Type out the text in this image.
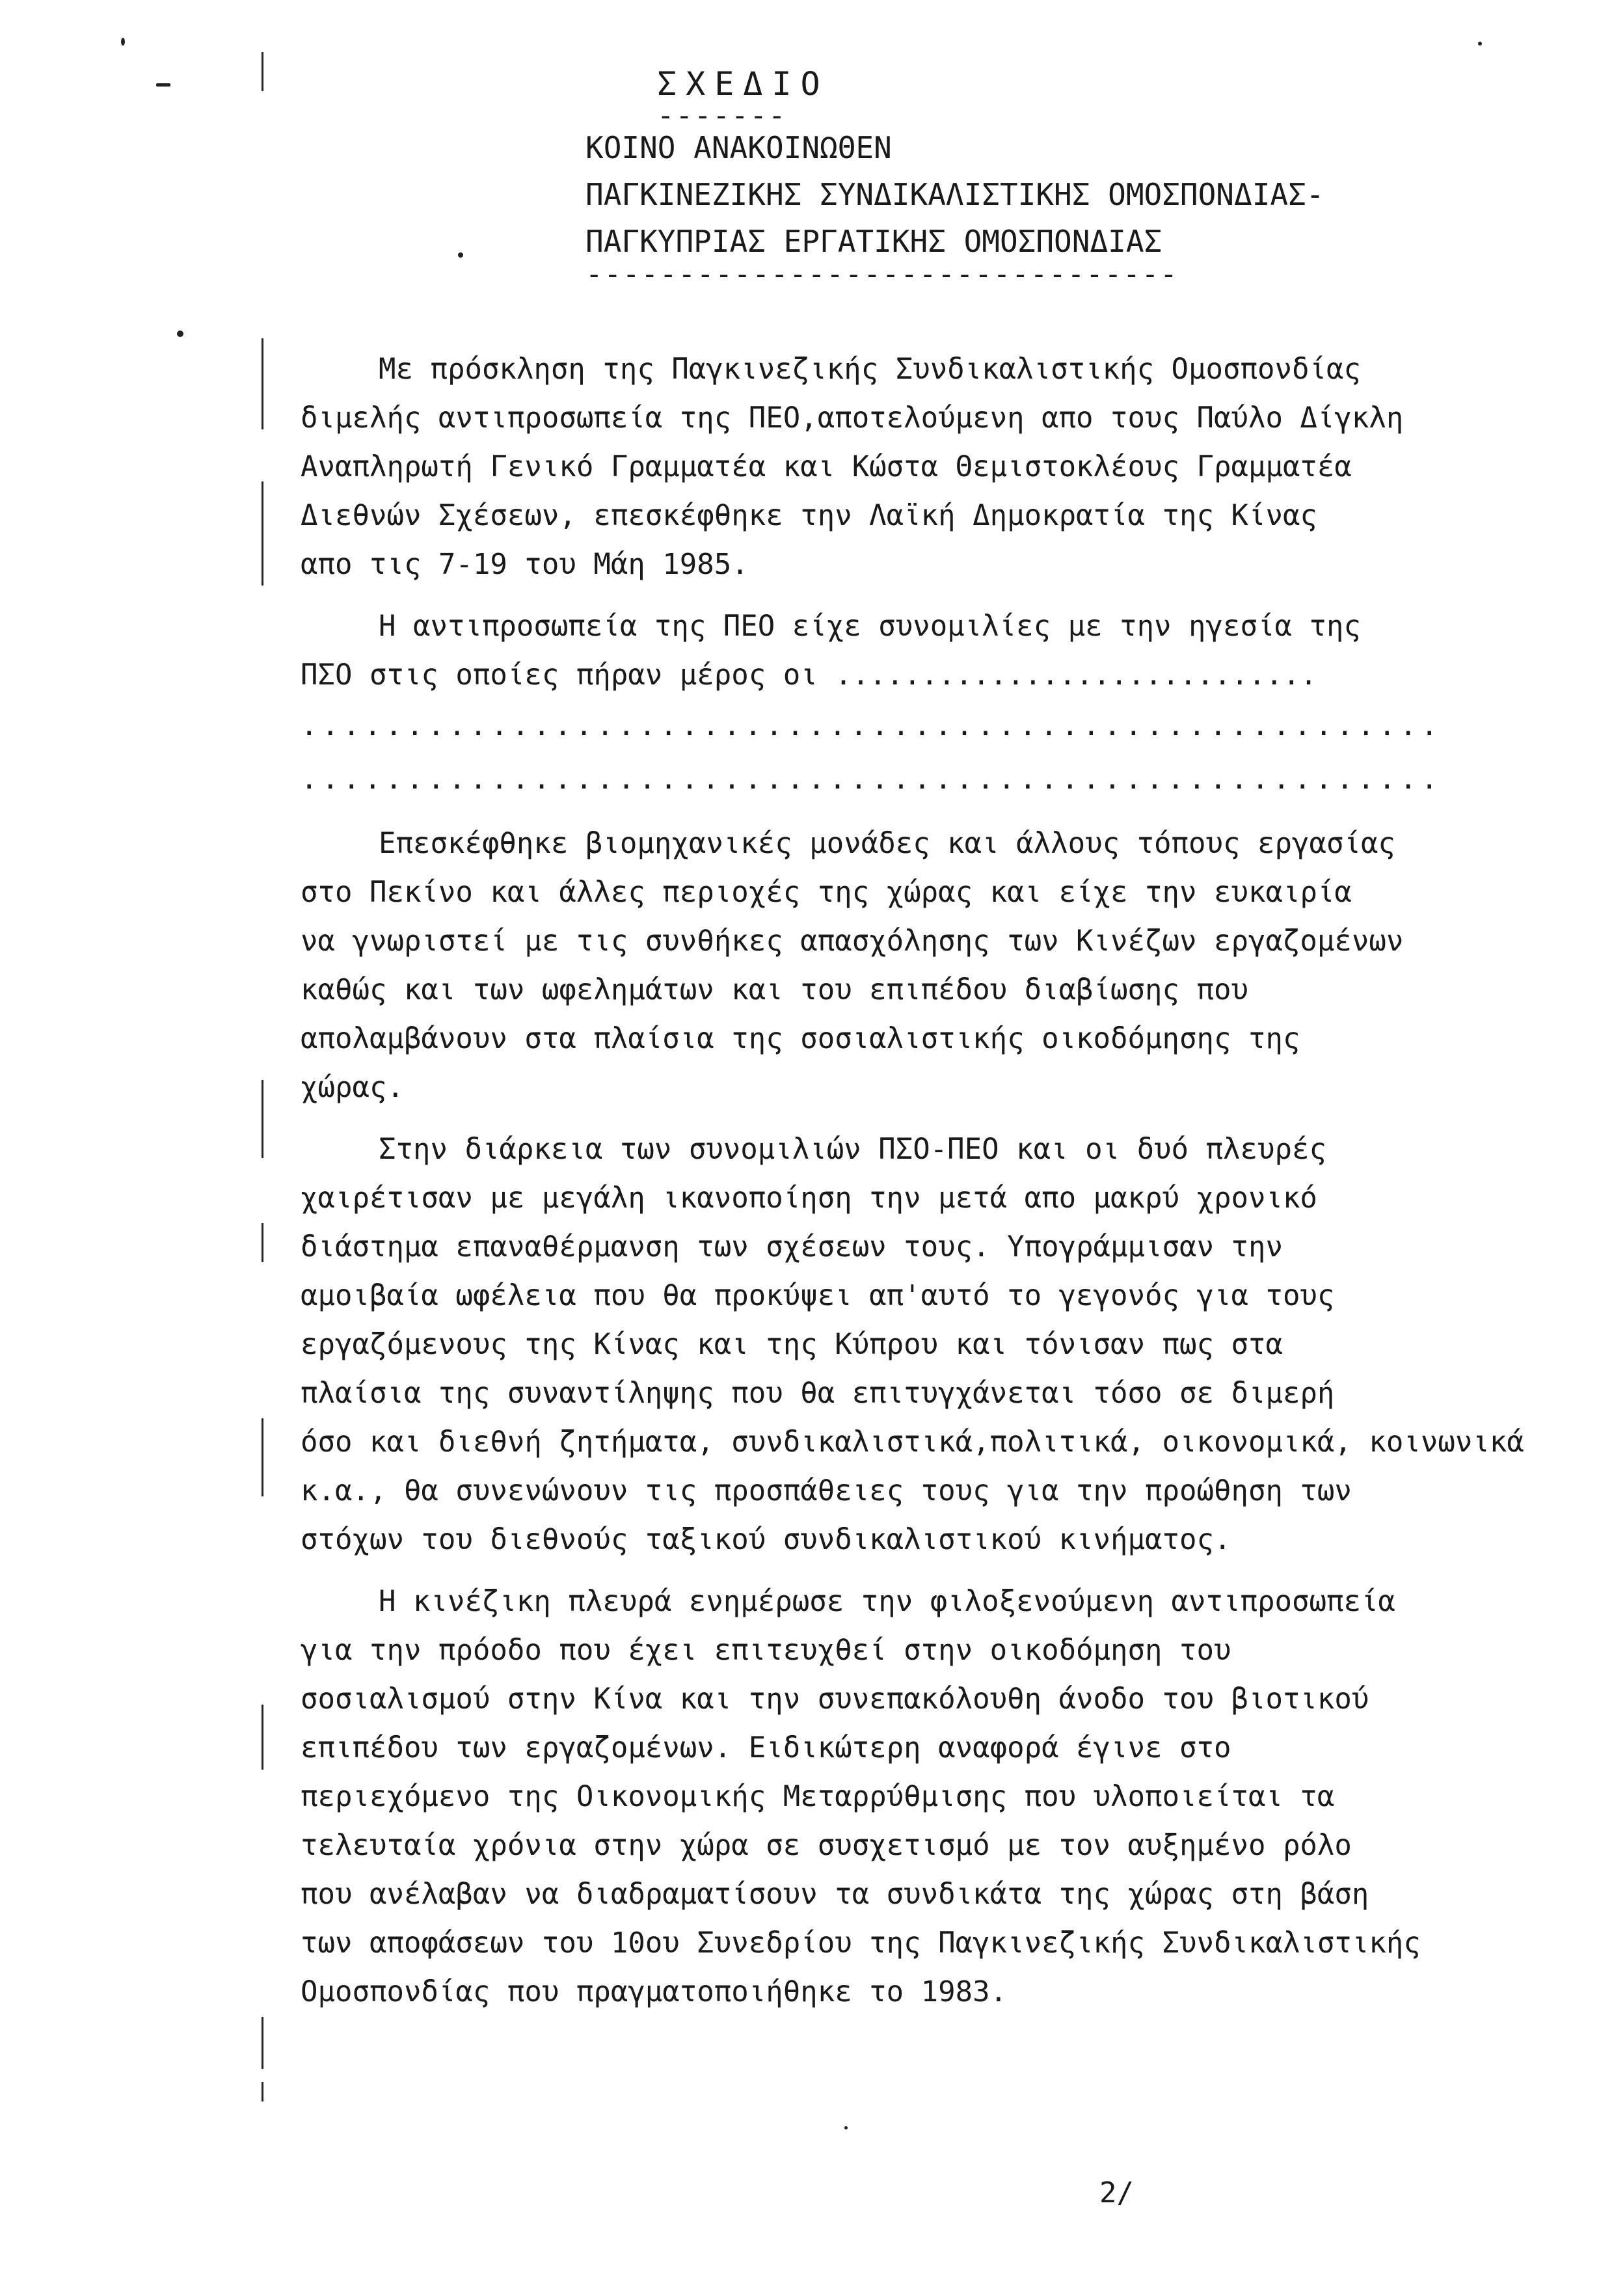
ΣΧΕΔΙΟ
-------
ΚΟΙΝΟ ΑΝΑΚΟΙΝΩΘΕΝ
ΠΑΓΚΙΝΕΖΙΚΗΣ ΣΥΝΔΙΚΑΛΙΣΤΙΚΗΣ ΟΜΟΣΠΟΝΔΙΑΣ-
ΠΑΓΚΥΠΡΙΑΣ ΕΡΓΑΤΙΚΗΣ ΟΜΟΣΠΟΝΔΙΑΣ
--------------------------------
Με πρόσκληση της Παγκινεζικής Συνδικαλιστικής Ομοσπονδίας
διμελής αντιπροσωπεία της ΠΕΟ,αποτελούμενη απο τους Παύλο Δίγκλη
Αναπληρωτή Γενικό Γραμματέα και Κώστα Θεμιστοκλέους Γραμματέα
Διεθνών Σχέσεων, επεσκέφθηκε την Λαϊκή Δημοκρατία της Κίνας
απο τις 7-19 του Μάη 1985.
Η αντιπροσωπεία της ΠΕΟ είχε συνομιλίες με την ηγεσία της
ΠΣΟ στις οποίες πήραν μέρος οι ............................
......................................................
......................................................
Επεσκέφθηκε βιομηχανικές μονάδες και άλλους τόπους εργασίας
στο Πεκίνο και άλλες περιοχές της χώρας και είχε την ευκαιρία
να γνωριστεί με τις συνθήκες απασχόλησης των Κινέζων εργαζομένων
καθώς και των ωφελημάτων και του επιπέδου διαβίωσης που
απολαμβάνουν στα πλαίσια της σοσιαλιστικής οικοδόμησης της
χώρας.
Στην διάρκεια των συνομιλιών ΠΣΟ-ΠΕΟ και οι δυό πλευρές
χαιρέτισαν με μεγάλη ικανοποίηση την μετά απο μακρύ χρονικό
διάστημα επαναθέρμανση των σχέσεων τους. Υπογράμμισαν την
αμοιβαία ωφέλεια που θα προκύψει απ'αυτό το γεγονός για τους
εργαζόμενους της Κίνας και της Κύπρου και τόνισαν πως στα
πλαίσια της συναντίληψης που θα επιτυγχάνεται τόσο σε διμερή
όσο και διεθνή ζητήματα, συνδικαλιστικά,πολιτικά, οικονομικά, κοινωνικά
κ.α., θα συνενώνουν τις προσπάθειες τους για την προώθηση των
στόχων του διεθνούς ταξικού συνδικαλιστικού κινήματος.
Η κινέζικη πλευρά ενημέρωσε την φιλοξενούμενη αντιπροσωπεία
για την πρόοδο που έχει επιτευχθεί στην οικοδόμηση του
σοσιαλισμού στην Κίνα και την συνεπακόλουθη άνοδο του βιοτικού
επιπέδου των εργαζομένων. Ειδικώτερη αναφορά έγινε στο
περιεχόμενο της Οικονομικής Μεταρρύθμισης που υλοποιείται τα
τελευταία χρόνια στην χώρα σε συσχετισμό με τον αυξημένο ρόλο
που ανέλαβαν να διαδραματίσουν τα συνδικάτα της χώρας στη βάση
των αποφάσεων του 10ου Συνεδρίου της Παγκινεζικής Συνδικαλιστικής
Ομοσπονδίας που πραγματοποιήθηκε το 1983.
2/
